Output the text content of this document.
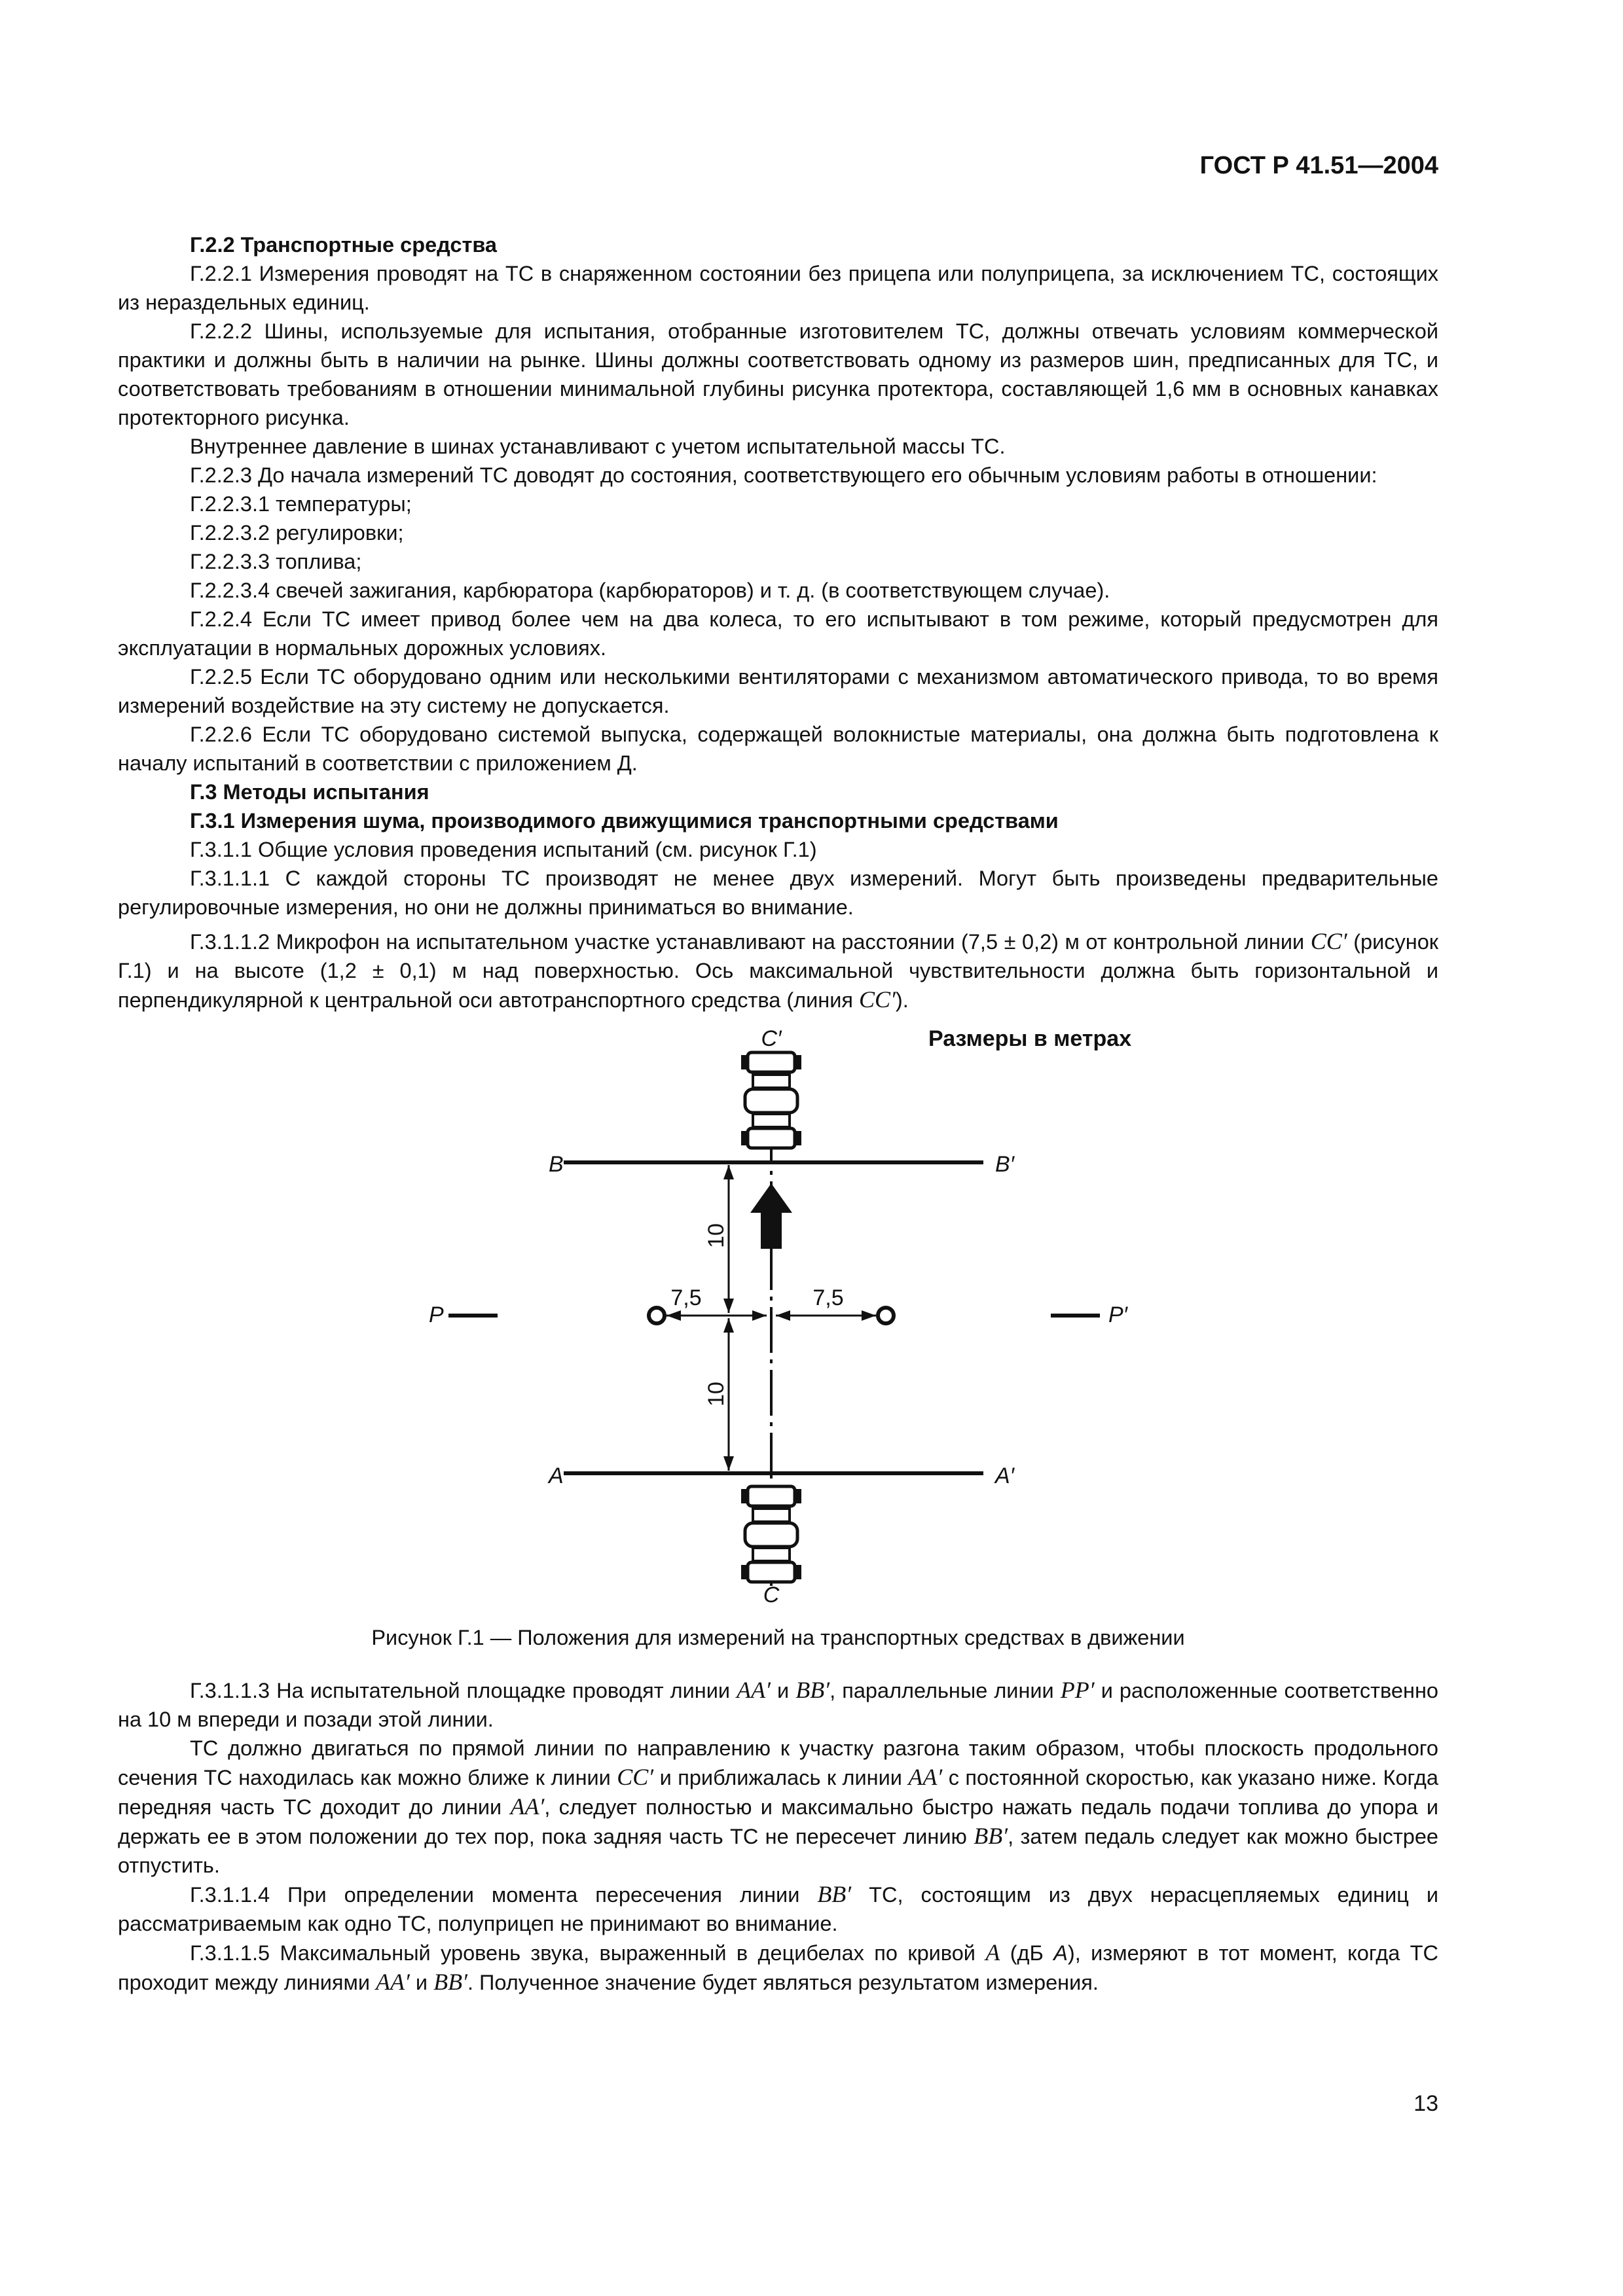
ГОСТ Р 41.51—2004

Г.2.2 Транспортные средства

Г.2.2.1 Измерения проводят на ТС в снаряженном состоянии без прицепа или полуприцепа, за исключением ТС, состоящих из нераздельных единиц.

Г.2.2.2 Шины, используемые для испытания, отобранные изготовителем ТС, должны отвечать условиям коммерческой практики и должны быть в наличии на рынке. Шины должны соответствовать одному из размеров шин, предписанных для ТС, и соответствовать требованиям в отношении минимальной глубины рисунка протектора, составляющей 1,6 мм в основных канавках протекторного рисунка.

Внутреннее давление в шинах устанавливают с учетом испытательной массы ТС.

Г.2.2.3 До начала измерений ТС доводят до состояния, соответствующего его обычным условиям работы в отношении:

Г.2.2.3.1 температуры;

Г.2.2.3.2 регулировки;

Г.2.2.3.3 топлива;

Г.2.2.3.4 свечей зажигания, карбюратора (карбюраторов) и т. д. (в соответствующем случае).

Г.2.2.4 Если ТС имеет привод более чем на два колеса, то его испытывают в том режиме, который предусмотрен для эксплуатации в нормальных дорожных условиях.

Г.2.2.5 Если ТС оборудовано одним или несколькими вентиляторами с механизмом автоматического привода, то во время измерений воздействие на эту систему не допускается.

Г.2.2.6 Если ТС оборудовано системой выпуска, содержащей волокнистые материалы, она должна быть подготовлена к началу испытаний в соответствии с приложением Д.

Г.3 Методы испытания

Г.3.1 Измерения шума, производимого движущимися транспортными средствами

Г.3.1.1 Общие условия проведения испытаний (см. рисунок Г.1)

Г.3.1.1.1 С каждой стороны ТС производят не менее двух измерений. Могут быть произведены предварительные регулировочные измерения, но они не должны приниматься во внимание.

Г.3.1.1.2 Микрофон на испытательном участке устанавливают на расстоянии (7,5 ± 0,2) м от контрольной линии CC′ (рисунок Г.1) и на высоте (1,2 ± 0,1) м над поверхностью. Ось максимальной чувствительности должна быть горизонтальной и перпендикулярной к центральной оси автотранспортного средства (линия CC′).

C′	Размеры в метрах
B	B′
P	P′
A	A′
C
7,5	7,5
10
10

Рисунок Г.1 — Положения для измерений на транспортных средствах в движении

Г.3.1.1.3 На испытательной площадке проводят линии AA′ и BB′, параллельные линии PP′ и расположенные соответственно на 10 м впереди и позади этой линии.

ТС должно двигаться по прямой линии по направлению к участку разгона таким образом, чтобы плоскость продольного сечения ТС находилась как можно ближе к линии CC′ и приближалась к линии AA′ с постоянной скоростью, как указано ниже. Когда передняя часть ТС доходит до линии AA′, следует полностью и максимально быстро нажать педаль подачи топлива до упора и держать ее в этом положении до тех пор, пока задняя часть ТС не пересечет линию BB′, затем педаль следует как можно быстрее отпустить.

Г.3.1.1.4 При определении момента пересечения линии BB′ ТС, состоящим из двух нерасцепляемых единиц и рассматриваемым как одно ТС, полуприцеп не принимают во внимание.

Г.3.1.1.5 Максимальный уровень звука, выраженный в децибелах по кривой A (дБ A), измеряют в тот момент, когда ТС проходит между линиями AA′ и BB′. Полученное значение будет являться результатом измерения.

13
